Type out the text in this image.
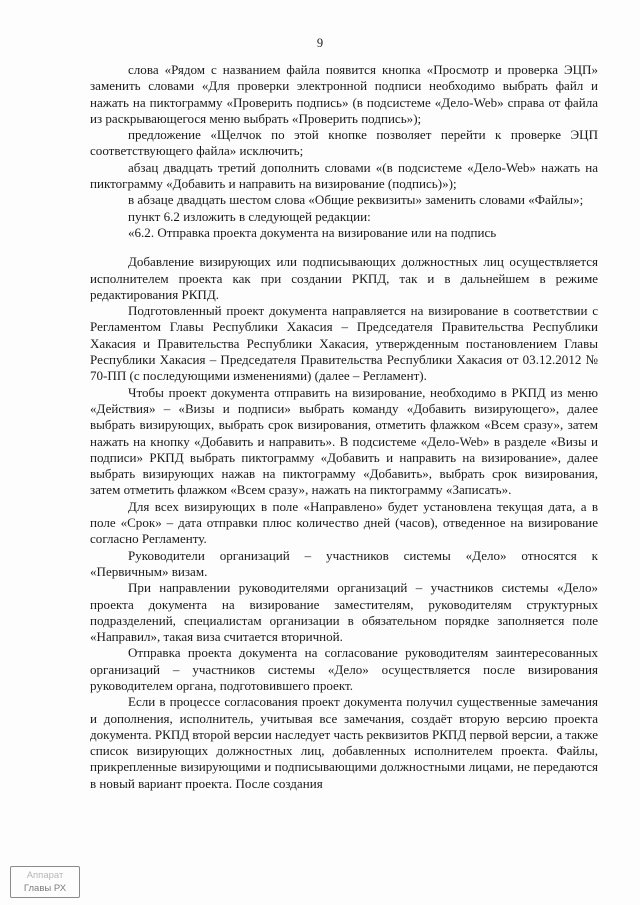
9

слова «Рядом с названием файла появится кнопка «Просмотр и проверка ЭЦП» заменить словами «Для проверки электронной подписи необходимо выбрать файл и нажать на пиктограмму «Проверить подпись» (в подсистеме «Дело-Web» справа от файла из раскрывающегося меню выбрать «Проверить подпись»);

предложение «Щелчок по этой кнопке позволяет перейти к проверке ЭЦП соответствующего файла» исключить;

абзац двадцать третий дополнить словами «(в подсистеме «Дело-Web» нажать на пиктограмму «Добавить и направить на визирование (подпись)»);

в абзаце двадцать шестом слова «Общие реквизиты» заменить словами «Файлы»;

пункт 6.2 изложить в следующей редакции:

«6.2. Отправка проекта документа на визирование или на подпись

Добавление визирующих или подписывающих должностных лиц осуществляется исполнителем проекта как при создании РКПД, так и в дальнейшем в режиме редактирования РКПД.

Подготовленный проект документа направляется на визирование в соответствии с Регламентом Главы Республики Хакасия – Председателя Правительства Республики Хакасия и Правительства Республики Хакасия, утвержденным постановлением Главы Республики Хакасия – Председателя Правительства Республики Хакасия от 03.12.2012 № 70-ПП (с последующими изменениями) (далее – Регламент).

Чтобы проект документа отправить на визирование, необходимо в РКПД из меню «Действия» – «Визы и подписи» выбрать команду «Добавить визирующего», далее выбрать визирующих, выбрать срок визирования, отметить флажком «Всем сразу», затем нажать на кнопку «Добавить и направить». В подсистеме «Дело-Web» в разделе «Визы и подписи» РКПД выбрать пиктограмму «Добавить и направить на визирование», далее выбрать визирующих нажав на пиктограмму «Добавить», выбрать срок визирования, затем отметить флажком «Всем сразу», нажать на пиктограмму «Записать».

Для всех визирующих в поле «Направлено» будет установлена текущая дата, а в поле «Срок» – дата отправки плюс количество дней (часов), отведенное на визирование согласно Регламенту.

Руководители организаций – участников системы «Дело» относятся к «Первичным» визам.

При направлении руководителями организаций – участников системы «Дело» проекта документа на визирование заместителям, руководителям структурных подразделений, специалистам организации в обязательном порядке заполняется поле «Направил», такая виза считается вторичной.

Отправка проекта документа на согласование руководителям заинтересованных организаций – участников системы «Дело» осуществляется после визирования руководителем органа, подготовившего проект.

Если в процессе согласования проект документа получил существенные замечания и дополнения, исполнитель, учитывая все замечания, создаёт вторую версию проекта документа. РКПД второй версии наследует часть реквизитов РКПД первой версии, а также список визирующих должностных лиц, добавленных исполнителем проекта. Файлы, прикрепленные визирующими и подписывающими должностными лицами, не передаются в новый вариант проекта. После создания

Аппарат
Главы РХ
